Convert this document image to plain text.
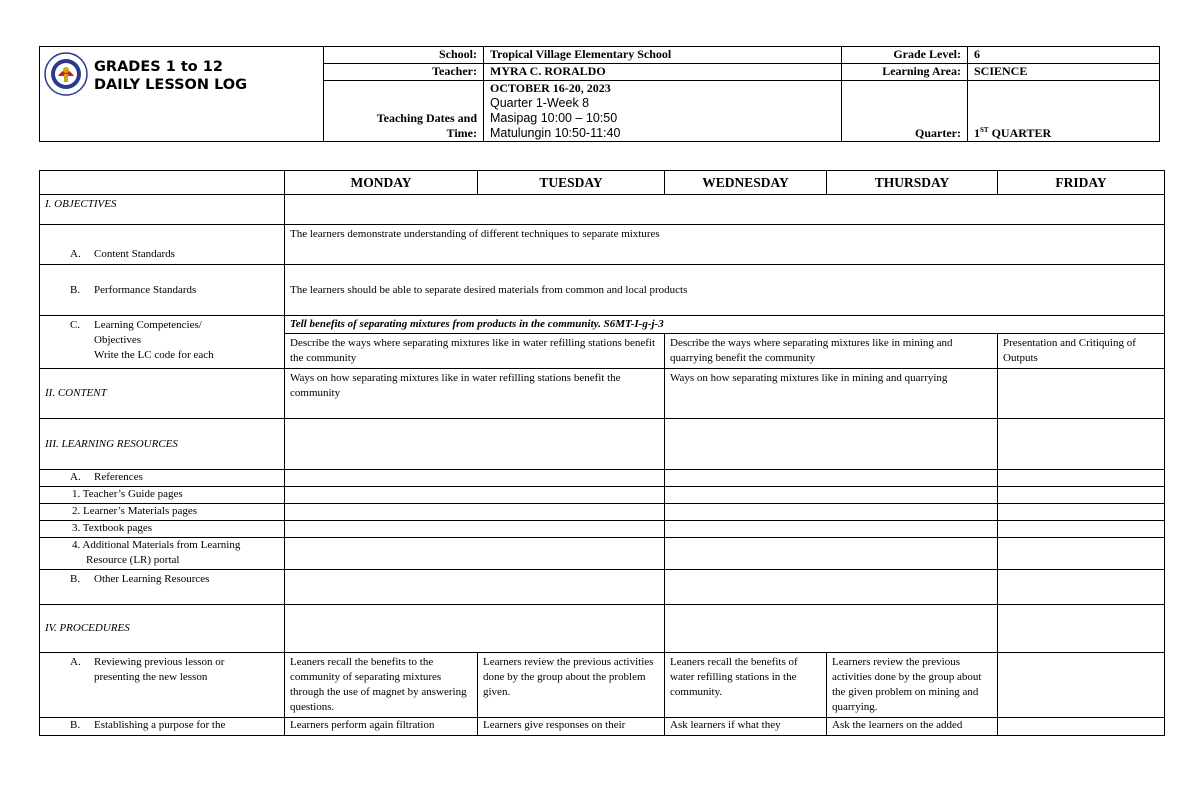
GRADES 1 to 12
DAILY LESSON LOG
	School:	Tropical Village Elementary School	Grade Level:	6
	Teacher:	MYRA C. RORALDO	Learning Area:	SCIENCE
	Teaching Dates and Time:	OCTOBER 16-20, 2023
Quarter 1-Week 8
Masipag 10:00 – 10:50
Matulungin 10:50-11:40	Quarter:	1ST QUARTER
	MONDAY	TUESDAY	WEDNESDAY	THURSDAY	FRIDAY
I. OBJECTIVES					
A. Content Standards	The learners demonstrate understanding of different techniques to separate mixtures				
B. Performance Standards	The learners should be able to separate desired materials from common and local products				
C. Learning Competencies/
Objectives
Write the LC code for each	Tell benefits of separating mixtures from products in the community. S6MT-I-g-j-3				
	Describe the ways where separating mixtures like in water refilling stations benefit the community		Describe the ways where separating mixtures like in mining and quarrying benefit the community		Presentation and Critiquing of Outputs
II. CONTENT	Ways on how separating mixtures like in water refilling stations benefit the community		Ways on how separating mixtures like in mining and quarrying		
III. LEARNING RESOURCES					
A. References					
1. Teacher’s Guide pages					
2. Learner’s Materials pages					
3. Textbook pages					

4. Additional Materials from Learning
Resource (LR) portal					

B. Other Learning Resources					
IV. PROCEDURES					
A. Reviewing previous lesson or
presenting the new lesson	Leaners recall the benefits to the community of separating mixtures through the use of magnet by answering questions.	Learners review the previous activities done by the group about the problem given.	Leaners recall the benefits of water refilling stations in the community.	Learners review the previous activities done by the group about the given problem on mining and quarrying.	
B. Establishing a purpose for the	Learners perform again filtration	Learners give responses on their	Ask learners if what they	Ask the learners on the added	
